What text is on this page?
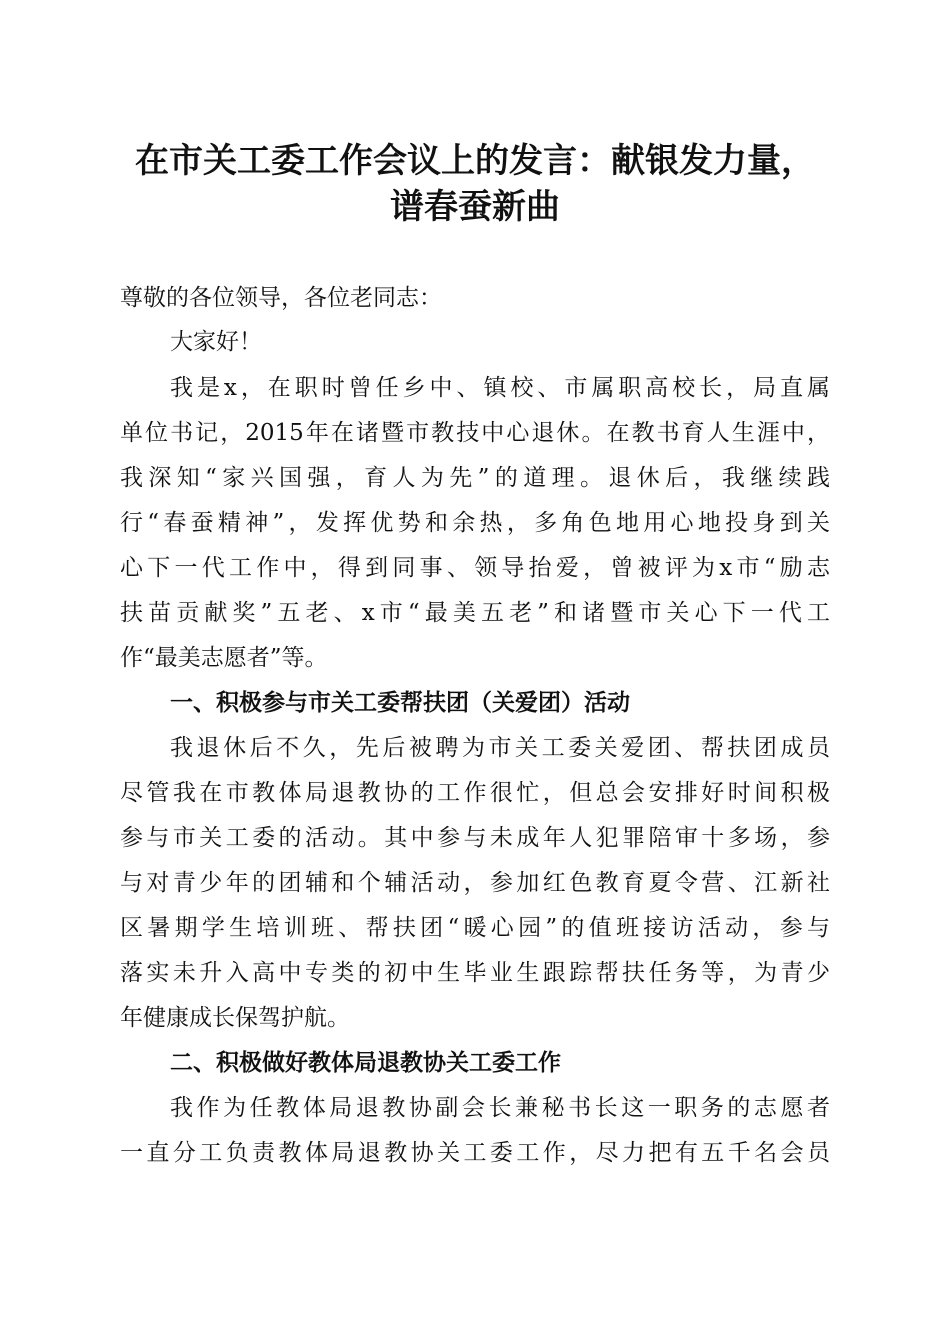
在市关工委工作会议上的发言：献银发力量，
谱春蚕新曲
尊敬的各位领导，各位老同志：
大家好！
我是x，在职时曾任乡中、镇校、市属职高校长，局直属
单位书记，2015年在诸暨市教技中心退休。在教书育人生涯中，
我深知“家兴国强，育人为先”的道理。退休后，我继续践
行“春蚕精神”，发挥优势和余热，多角色地用心地投身到关
心下一代工作中，得到同事、领导抬爱，曾被评为x市“励志
扶苗贡献奖”五老、x市“最美五老”和诸暨市关心下一代工
作“最美志愿者”等。
一、积极参与市关工委帮扶团（关爱团）活动
我退休后不久，先后被聘为市关工委关爱团、帮扶团成员
尽管我在市教体局退教协的工作很忙，但总会安排好时间积极
参与市关工委的活动。其中参与未成年人犯罪陪审十多场，参
与对青少年的团辅和个辅活动，参加红色教育夏令营、江新社
区暑期学生培训班、帮扶团“暖心园”的值班接访活动，参与
落实未升入高中专类的初中生毕业生跟踪帮扶任务等，为青少
年健康成长保驾护航。
二、积极做好教体局退教协关工委工作
我作为任教体局退教协副会长兼秘书长这一职务的志愿者
一直分工负责教体局退教协关工委工作，尽力把有五千名会员
